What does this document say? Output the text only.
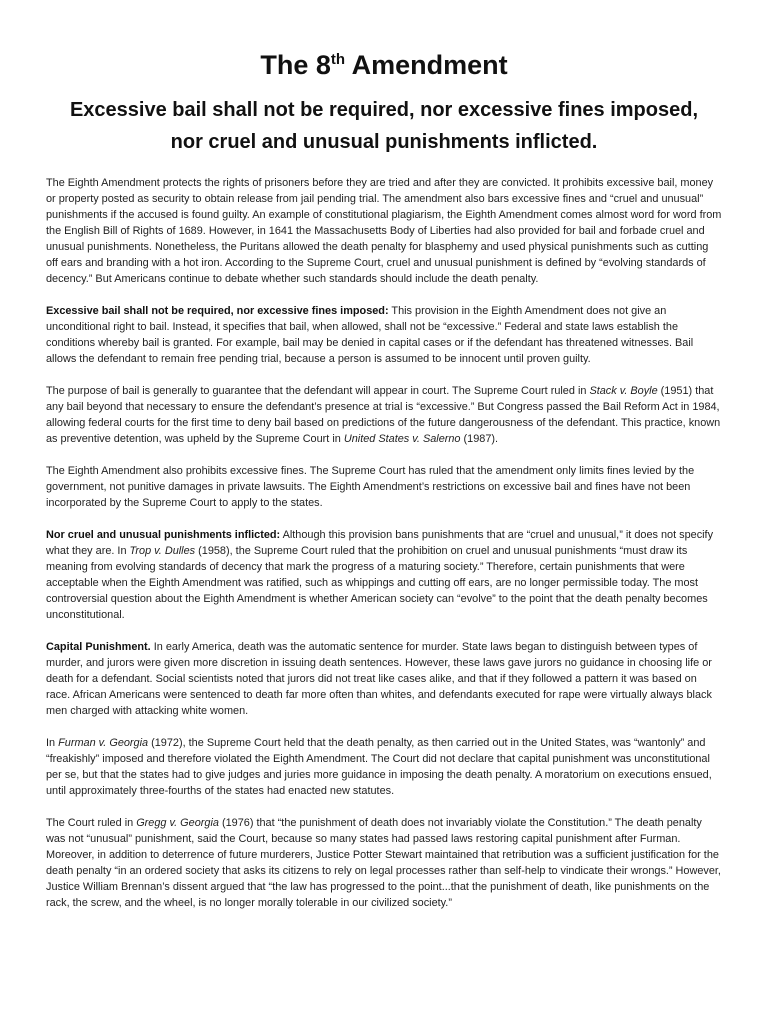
The 8th Amendment
Excessive bail shall not be required, nor excessive fines imposed, nor cruel and unusual punishments inflicted.

The Eighth Amendment protects the rights of prisoners before they are tried and after they are convicted. It prohibits excessive bail, money or property posted as security to obtain release from jail pending trial. The amendment also bars excessive fines and “cruel and unusual” punishments if the accused is found guilty. An example of constitutional plagiarism, the Eighth Amendment comes almost word for word from the English Bill of Rights of 1689. However, in 1641 the Massachusetts Body of Liberties had also provided for bail and forbade cruel and unusual punishments. Nonetheless, the Puritans allowed the death penalty for blasphemy and used physical punishments such as cutting off ears and branding with a hot iron. According to the Supreme Court, cruel and unusual punishment is defined by “evolving standards of decency.” But Americans continue to debate whether such standards should include the death penalty.

Excessive bail shall not be required, nor excessive fines imposed: This provision in the Eighth Amendment does not give an unconditional right to bail. Instead, it specifies that bail, when allowed, shall not be “excessive.” Federal and state laws establish the conditions whereby bail is granted. For example, bail may be denied in capital cases or if the defendant has threatened witnesses. Bail allows the defendant to remain free pending trial, because a person is assumed to be innocent until proven guilty.

The purpose of bail is generally to guarantee that the defendant will appear in court. The Supreme Court ruled in Stack v. Boyle (1951) that any bail beyond that necessary to ensure the defendant’s presence at trial is “excessive.” But Congress passed the Bail Reform Act in 1984, allowing federal courts for the first time to deny bail based on predictions of the future dangerousness of the defendant. This practice, known as preventive detention, was upheld by the Supreme Court in United States v. Salerno (1987).

The Eighth Amendment also prohibits excessive fines. The Supreme Court has ruled that the amendment only limits fines levied by the government, not punitive damages in private lawsuits. The Eighth Amendment’s restrictions on excessive bail and fines have not been incorporated by the Supreme Court to apply to the states.

Nor cruel and unusual punishments inflicted: Although this provision bans punishments that are “cruel and unusual,” it does not specify what they are. In Trop v. Dulles (1958), the Supreme Court ruled that the prohibition on cruel and unusual punishments “must draw its meaning from evolving standards of decency that mark the progress of a maturing society.” Therefore, certain punishments that were acceptable when the Eighth Amendment was ratified, such as whippings and cutting off ears, are no longer permissible today. The most controversial question about the Eighth Amendment is whether American society can “evolve” to the point that the death penalty becomes unconstitutional.

Capital Punishment. In early America, death was the automatic sentence for murder. State laws began to distinguish between types of murder, and jurors were given more discretion in issuing death sentences. However, these laws gave jurors no guidance in choosing life or death for a defendant. Social scientists noted that jurors did not treat like cases alike, and that if they followed a pattern it was based on race. African Americans were sentenced to death far more often than whites, and defendants executed for rape were virtually always black men charged with attacking white women.

In Furman v. Georgia (1972), the Supreme Court held that the death penalty, as then carried out in the United States, was “wantonly” and “freakishly” imposed and therefore violated the Eighth Amendment. The Court did not declare that capital punishment was unconstitutional per se, but that the states had to give judges and juries more guidance in imposing the death penalty. A moratorium on executions ensued, until approximately three-fourths of the states had enacted new statutes.

The Court ruled in Gregg v. Georgia (1976) that “the punishment of death does not invariably violate the Constitution.” The death penalty was not “unusual” punishment, said the Court, because so many states had passed laws restoring capital punishment after Furman. Moreover, in addition to deterrence of future murderers, Justice Potter Stewart maintained that retribution was a sufficient justification for the death penalty “in an ordered society that asks its citizens to rely on legal processes rather than self-help to vindicate their wrongs.” However, Justice William Brennan’s dissent argued that “the law has progressed to the point...that the punishment of death, like punishments on the rack, the screw, and the wheel, is no longer morally tolerable in our civilized society.”
